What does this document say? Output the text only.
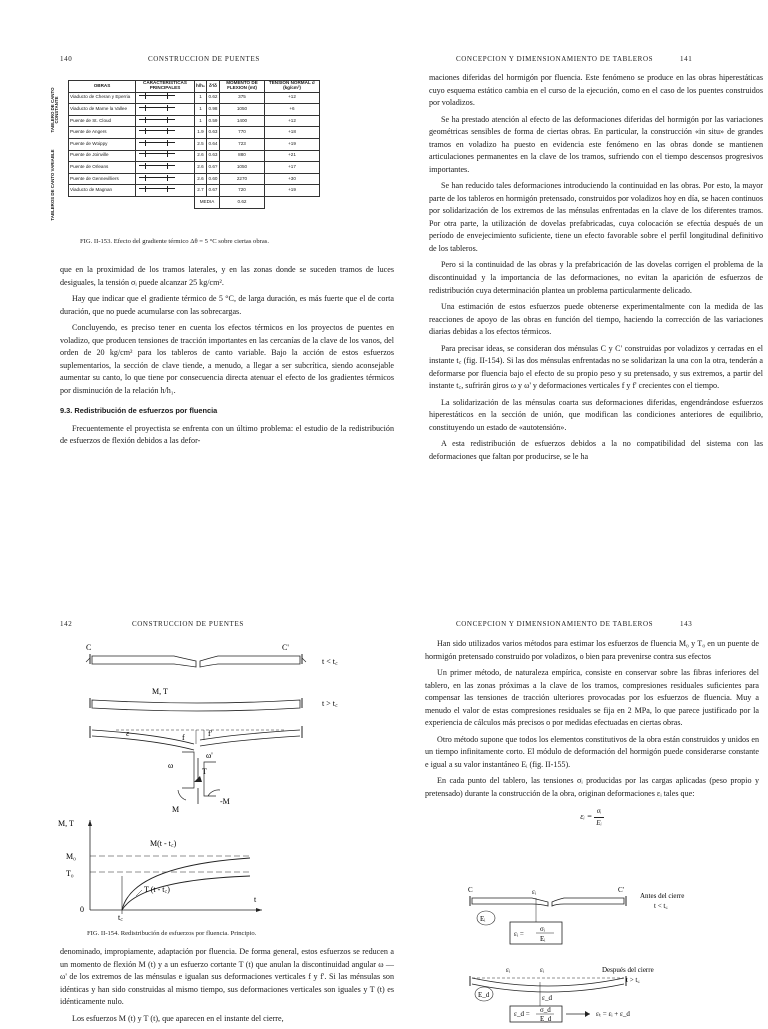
140	CONSTRUCCION DE PUENTES
	OBRAS	CARACTERISTICAS PRINCIPALES	h/h₀	δ'/δ	MOMENTO DE FLEXION (mt)	TENSION NORMAL σ (kg/cm²)
	Viaducto de Cheran y Eperria		1	0.62	375	+12
	Viaducto de Marne la Vallee		1	0.98	1050	+6
	Puente de St. Cloud		1	0.59	1400	+12
	Puente de Angers		1.9	0.63	770	+18
	Puente de Woippy		2.5	0.64	723	+19
	Puente de Joinville		2.6	0.63	880	+21
	Puente de Orleans		2.6	0.6?	1050	+17
	Puente de Gennevilliers		2.6	0.60	2270	+30
	Viaducto de Magnan		2.7	0.67	720	+19
			MEDIA		0.62	
TABLERO DE CANTO CONSTANTE
TABLEROS DE CANTO VARIABLE
FIG. II-153. Efecto del gradiente térmico Δθ = 5 °C sobre ciertas obras.

que en la proximidad de los tramos laterales, y en las zonas donde se suceden tramos de luces desiguales, la tensión σᵢ puede alcanzar 25 kg/cm².

Hay que indicar que el gradiente térmico de 5 °C, de larga duración, es más fuerte que el de corta duración, que no puede acumularse con las sobrecargas.

Concluyendo, es preciso tener en cuenta los efectos térmicos en los proyectos de puentes en voladizo, que producen tensiones de tracción importantes en las cercanías de la clave de los vanos, del orden de 20 kg/cm² para los tableros de canto variable. Bajo la acción de estos esfuerzos suplementarios, la sección de clave tiende, a menudo, a llegar a ser subcrítica, siendo aconsejable aumentar su canto, lo que tiene por consecuencia directa atenuar el efecto de los gradientes térmicos por disminución de la relación h/h₁.

9.3. Redistribución de esfuerzos por fluencia

Frecuentemente el proyectista se enfrenta con un último problema: el estudio de la redistribución de esfuerzos de flexión debidos a las defor-

CONCEPCION Y DIMENSIONAMIENTO DE TABLEROS	141

maciones diferidas del hormigón por fluencia. Este fenómeno se produce en las obras hiperestáticas cuyo esquema estático cambia en el curso de la ejecución, como en el caso de los puentes construidos por voladizos.

Se ha prestado atención al efecto de las deformaciones diferidas del hormigón por las variaciones geométricas sensibles de forma de ciertas obras. En particular, la construcción «in situ» de grandes tramos en voladizo ha puesto en evidencia este fenómeno en las obras donde se mantienen articulaciones permanentes en la clave de los tramos, sufriendo con el tiempo descensos progresivos importantes.

Se han reducido tales deformaciones introduciendo la continuidad en las obras. Por esto, la mayor parte de los tableros en hormigón pretensado, construidos por voladizos hoy en día, se hacen continuos por solidarización de los extremos de las ménsulas enfrentadas en la clave de los diferentes tramos. Por otra parte, la utilización de dovelas prefabricadas, cuya colocación se efectúa después de un período de envejecimiento suficiente, tiene un efecto favorable sobre el perfil longitudinal definitivo de los tableros.

Pero si la continuidad de las obras y la prefabricación de las dovelas corrigen el problema de la discontinuidad y la importancia de las deformaciones, no evitan la aparición de esfuerzos de redistribución cuya determinación plantea un problema particularmente delicado.

Una estimación de estos esfuerzos puede obtenerse experimentalmente con la medida de las reacciones de apoyo de las obras en función del tiempo, haciendo la corrección de las variaciones diarias debidas a los efectos térmicos.

Para precisar ideas, se consideran dos ménsulas C y C' construidas por voladizos y cerradas en el instante t꜀ (fig. II-154). Si las dos ménsulas enfrentadas no se solidarizan la una con la otra, tenderán a deformarse por fluencia bajo el efecto de su propio peso y su pretensado, y sus extremos, a partir del instante t꜀, sufrirán giros ω y ω' y deformaciones verticales f y f' crecientes con el tiempo.

La solidarización de las ménsulas coarta sus deformaciones diferidas, engendrándose esfuerzos hiperestáticos en la sección de unión, que modifican las condiciones anteriores de equilibrio, constituyendo un estado de «autotensión».

A esta redistribución de esfuerzos debidos a la no compatibilidad del sistema con las deformaciones que faltan por producirse, se le ha

142	CONSTRUCCION DE PUENTES
C	C'
t < t꜀
M, T
t > t꜀
ε	f	f'
ω
ω'
T
M
-M
M, T
M(t - t꜀)
M₀
T₀
T (t - t꜀)
0
t꜀
t
FIG. II-154. Redistribución de esfuerzos por fluencia. Principio.

denominado, impropiamente, adaptación por fluencia. De forma general, estos esfuerzos se reducen a un momento de flexión M (t) y a un esfuerzo cortante T (t) que anulan la discontinuidad angular ω — ω' de los extremos de las ménsulas e igualan sus deformaciones verticales f y f'. Si las ménsulas son idénticas y han sido construidas al mismo tiempo, sus deformaciones verticales son iguales y T (t) es idénticamente nulo.

Los esfuerzos M (t) y T (t), que aparecen en el instante del cierre,

CONCEPCION Y DIMENSIONAMIENTO DE TABLEROS	143

Han sido utilizados varios métodos para estimar los esfuerzos de fluencia M₀ y T₀ en un puente de hormigón pretensado construido por voladizos, o bien para prevenirse contra sus efectos

Un primer método, de naturaleza empírica, consiste en conservar sobre las fibras inferiores del tablero, en las zonas próximas a la clave de los tramos, compresiones residuales suficientes para compensar las tensiones de tracción ulteriores provocadas por los esfuerzos de fluencia. Muy a menudo el valor de estas compresiones residuales se fija en 2 MPa, lo que parece justificado por la experiencia de cálculos más precisos o por medidas efectuadas en ciertas obras.

Otro método supone que todos los elementos constitutivos de la obra están construidos y unidos en un tiempo infinitamente corto. El módulo de deformación del hormigón puede considerarse constante e igual a su valor instantáneo Eᵢ (fig. II-155).

En cada punto del tablero, las tensiones σᵢ producidas por las cargas aplicadas (peso propio y pretensado) durante la construcción de la obra, originan deformaciones εᵢ tales que:

εᵢ = $\frac{\text{σᵢ}}{\text{Eᵢ}}$
C	C'
Antes del cierre
t < t꜀
εᵢ
Eᵢ
εᵢ =
σᵢ
Eᵢ
Después del cierre
t > t꜀
εᵢ	εᵢ
ε_d
E_d
ε_d = σ_d
E_d
εₜ = εᵢ + ε_d
